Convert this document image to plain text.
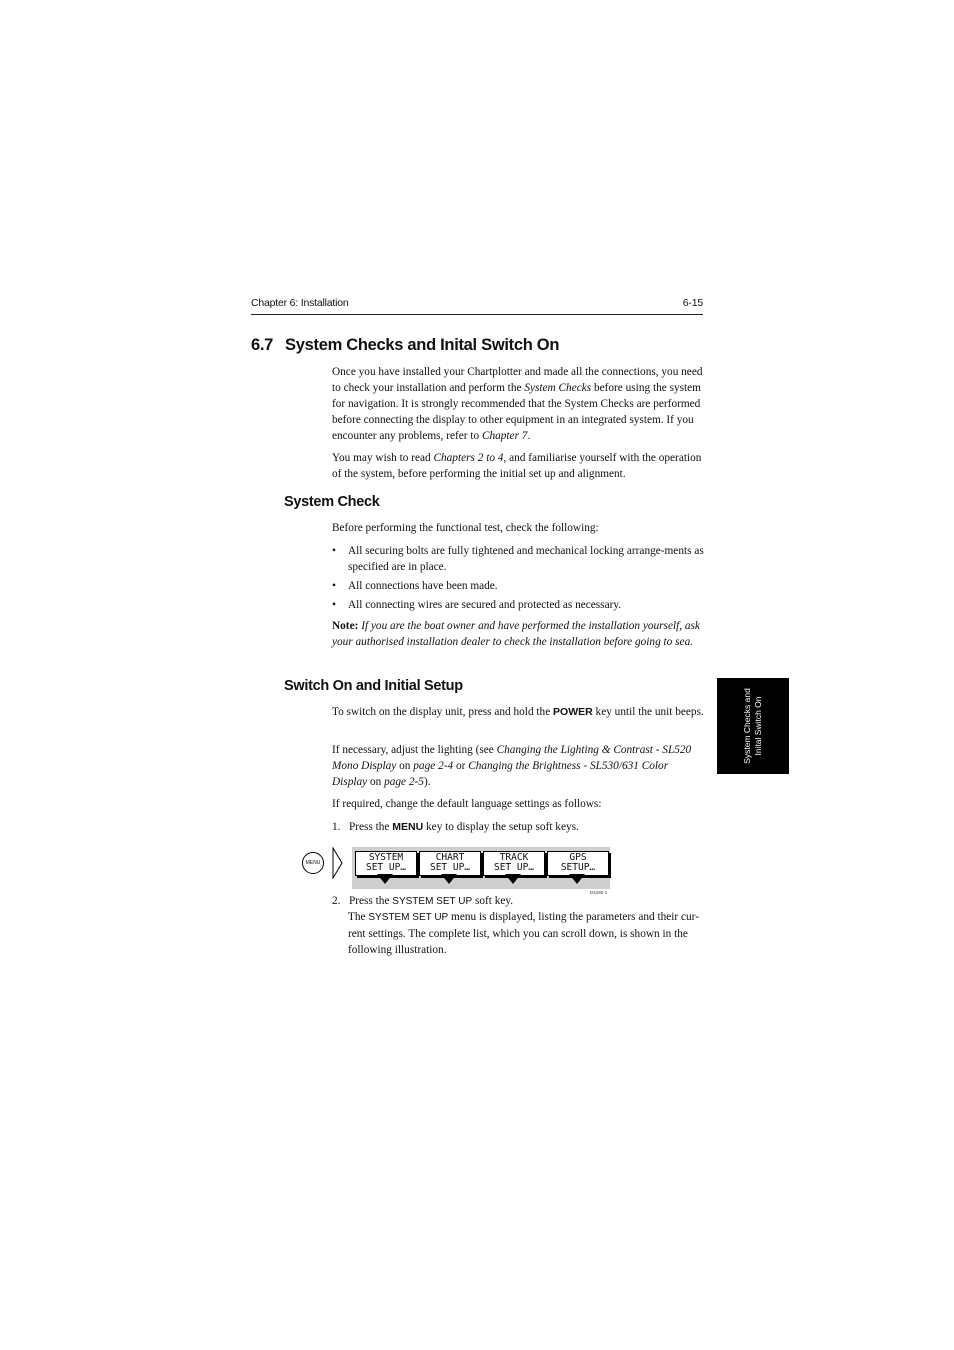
Chapter 6: Installation	6-15
6.7 System Checks and Inital Switch On
Once you have installed your Chartplotter and made all the connections, you need to check your installation and perform the System Checks before using the system for navigation. It is strongly recommended that the System Checks are performed before connecting the display to other equipment in an integrated system. If you encounter any problems, refer to Chapter 7.
You may wish to read Chapters 2 to 4, and familiarise yourself with the operation of the system, before performing the initial set up and alignment.
System Check
Before performing the functional test, check the following:
• All securing bolts are fully tightened and mechanical locking arrange-ments as specified are in place.
• All connections have been made.
• All connecting wires are secured and protected as necessary.
Note: If you are the boat owner and have performed the installation yourself, ask your authorised installation dealer to check the installation before going to sea.
Switch On and Initial Setup
To switch on the display unit, press and hold the POWER key until the unit beeps.
If necessary, adjust the lighting (see Changing the Lighting & Contrast - SL520 Mono Display on page 2-4 or Changing the Brightness - SL530/631 Color Display on page 2-5).
If required, change the default language settings as follows:
1. Press the MENU key to display the setup soft keys.
MENU	SYSTEM
SET UP…
CHART
SET UP…
TRACK
SET UP…
GPS
SETUP…
D4182-1
2. Press the SYSTEM SET UP soft key.
The SYSTEM SET UP menu is displayed, listing the parameters and their cur-rent settings. The complete list, which you can scroll down, is shown in the following illustration.
System Checks and Inital Switch On
